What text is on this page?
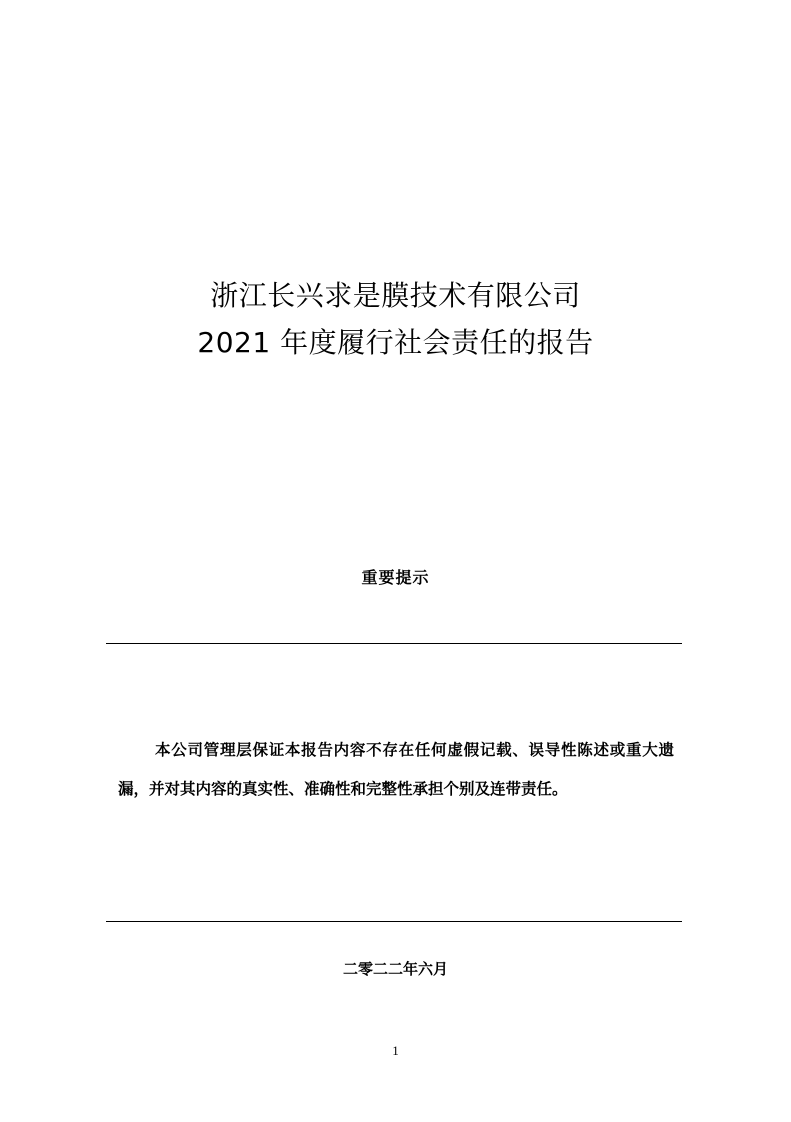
浙江长兴求是膜技术有限公司
2021 年度履行社会责任的报告
重要提示

本公司管理层保证本报告内容不存在任何虚假记载、误导性陈述或重大遗漏，并对其内容的真实性、准确性和完整性承担个别及连带责任。

二零二二年六月
1
